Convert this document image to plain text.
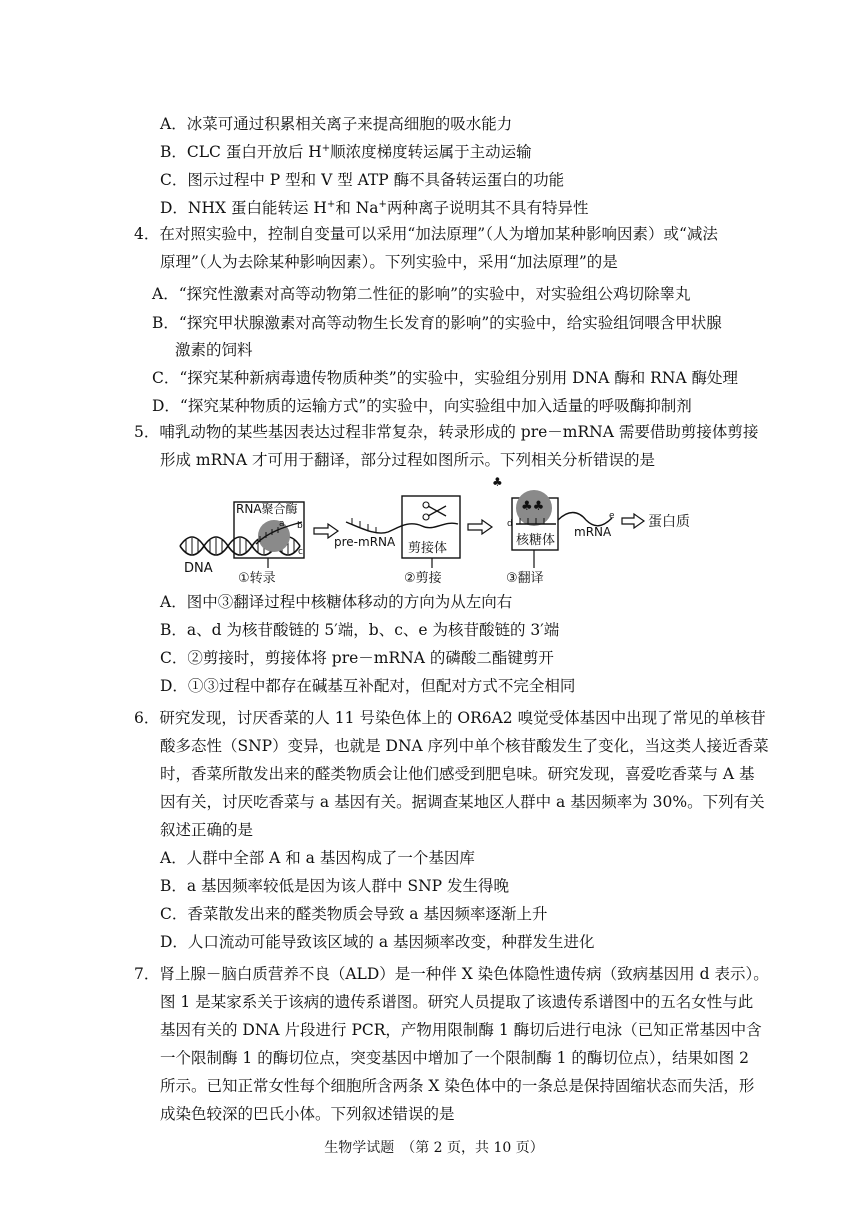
A．冰菜可通过积累相关离子来提高细胞的吸水能力
B．CLC 蛋白开放后 H+顺浓度梯度转运属于主动运输
C．图示过程中 P 型和 V 型 ATP 酶不具备转运蛋白的功能
D．NHX 蛋白能转运 H+和 Na+两种离子说明其不具有特异性
4．在对照实验中，控制自变量可以采用“加法原理”（人为增加某种影响因素）或“减法
原理”（人为去除某种影响因素）。下列实验中，采用“加法原理”的是
A．“探究性激素对高等动物第二性征的影响”的实验中，对实验组公鸡切除睾丸
B．“探究甲状腺激素对高等动物生长发育的影响”的实验中，给实验组饲喂含甲状腺
激素的饲料
C．“探究某种新病毒遗传物质种类”的实验中，实验组分别用 DNA 酶和 RNA 酶处理
D．“探究某种物质的运输方式”的实验中，向实验组中加入适量的呼吸酶抑制剂
5．哺乳动物的某些基因表达过程非常复杂，转录形成的 pre－mRNA 需要借助剪接体剪接
形成 mRNA 才可用于翻译，部分过程如图所示。下列相关分析错误的是
RNA聚合酶
a b
c
DNA
①转录
pre-mRNA 剪接体
②剪接
♣
♣♣
d
核糖体
e
mRNA
③翻译
蛋白质
A．图中③翻译过程中核糖体移动的方向为从左向右
B．a、d 为核苷酸链的 5′端，b、c、e 为核苷酸链的 3′端
C．②剪接时，剪接体将 pre－mRNA 的磷酸二酯键剪开
D．①③过程中都存在碱基互补配对，但配对方式不完全相同
6．研究发现，讨厌香菜的人 11 号染色体上的 OR6A2 嗅觉受体基因中出现了常见的单核苷
酸多态性（SNP）变异，也就是 DNA 序列中单个核苷酸发生了变化，当这类人接近香菜
时，香菜所散发出来的醛类物质会让他们感受到肥皂味。研究发现，喜爱吃香菜与 A 基
因有关，讨厌吃香菜与 a 基因有关。据调查某地区人群中 a 基因频率为 30%。下列有关
叙述正确的是
A．人群中全部 A 和 a 基因构成了一个基因库
B．a 基因频率较低是因为该人群中 SNP 发生得晚
C．香菜散发出来的醛类物质会导致 a 基因频率逐渐上升
D．人口流动可能导致该区域的 a 基因频率改变，种群发生进化
7．肾上腺－脑白质营养不良（ALD）是一种伴 X 染色体隐性遗传病（致病基因用 d 表示）。
图 1 是某家系关于该病的遗传系谱图。研究人员提取了该遗传系谱图中的五名女性与此
基因有关的 DNA 片段进行 PCR，产物用限制酶 1 酶切后进行电泳（已知正常基因中含
一个限制酶 1 的酶切位点，突变基因中增加了一个限制酶 1 的酶切位点），结果如图 2
所示。已知正常女性每个细胞所含两条 X 染色体中的一条总是保持固缩状态而失活，形
成染色较深的巴氏小体。下列叙述错误的是
生物学试题　（第 2 页，共 10 页）
